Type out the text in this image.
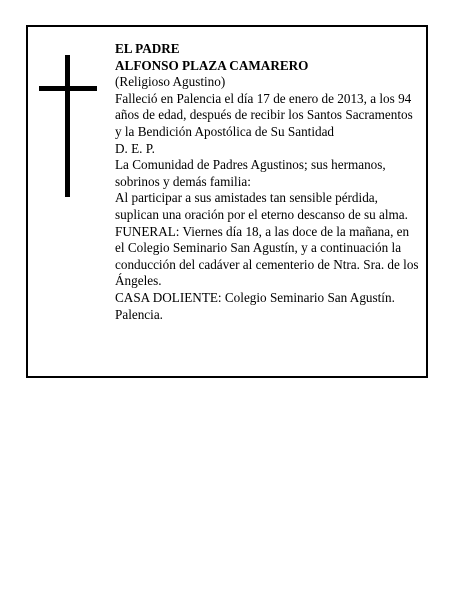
EL PADRE

ALFONSO PLAZA CAMARERO

(Religioso Agustino)

Falleció en Palencia el día 17 de enero de 2013, a los 94 años de edad, después de recibir los Santos Sacramentos y la Bendición Apostólica de Su Santidad

D. E. P.

La Comunidad de Padres Agustinos; sus hermanos, sobrinos y demás familia:

Al participar a sus amistades tan sensible pérdida, suplican una oración por el eterno descanso de su alma.

FUNERAL: Viernes día 18, a las doce de la mañana, en el Colegio Seminario San Agustín, y a continuación la conducción del cadáver al cementerio de Ntra. Sra. de los Ángeles.

CASA DOLIENTE: Colegio Seminario San Agustín. Palencia.
